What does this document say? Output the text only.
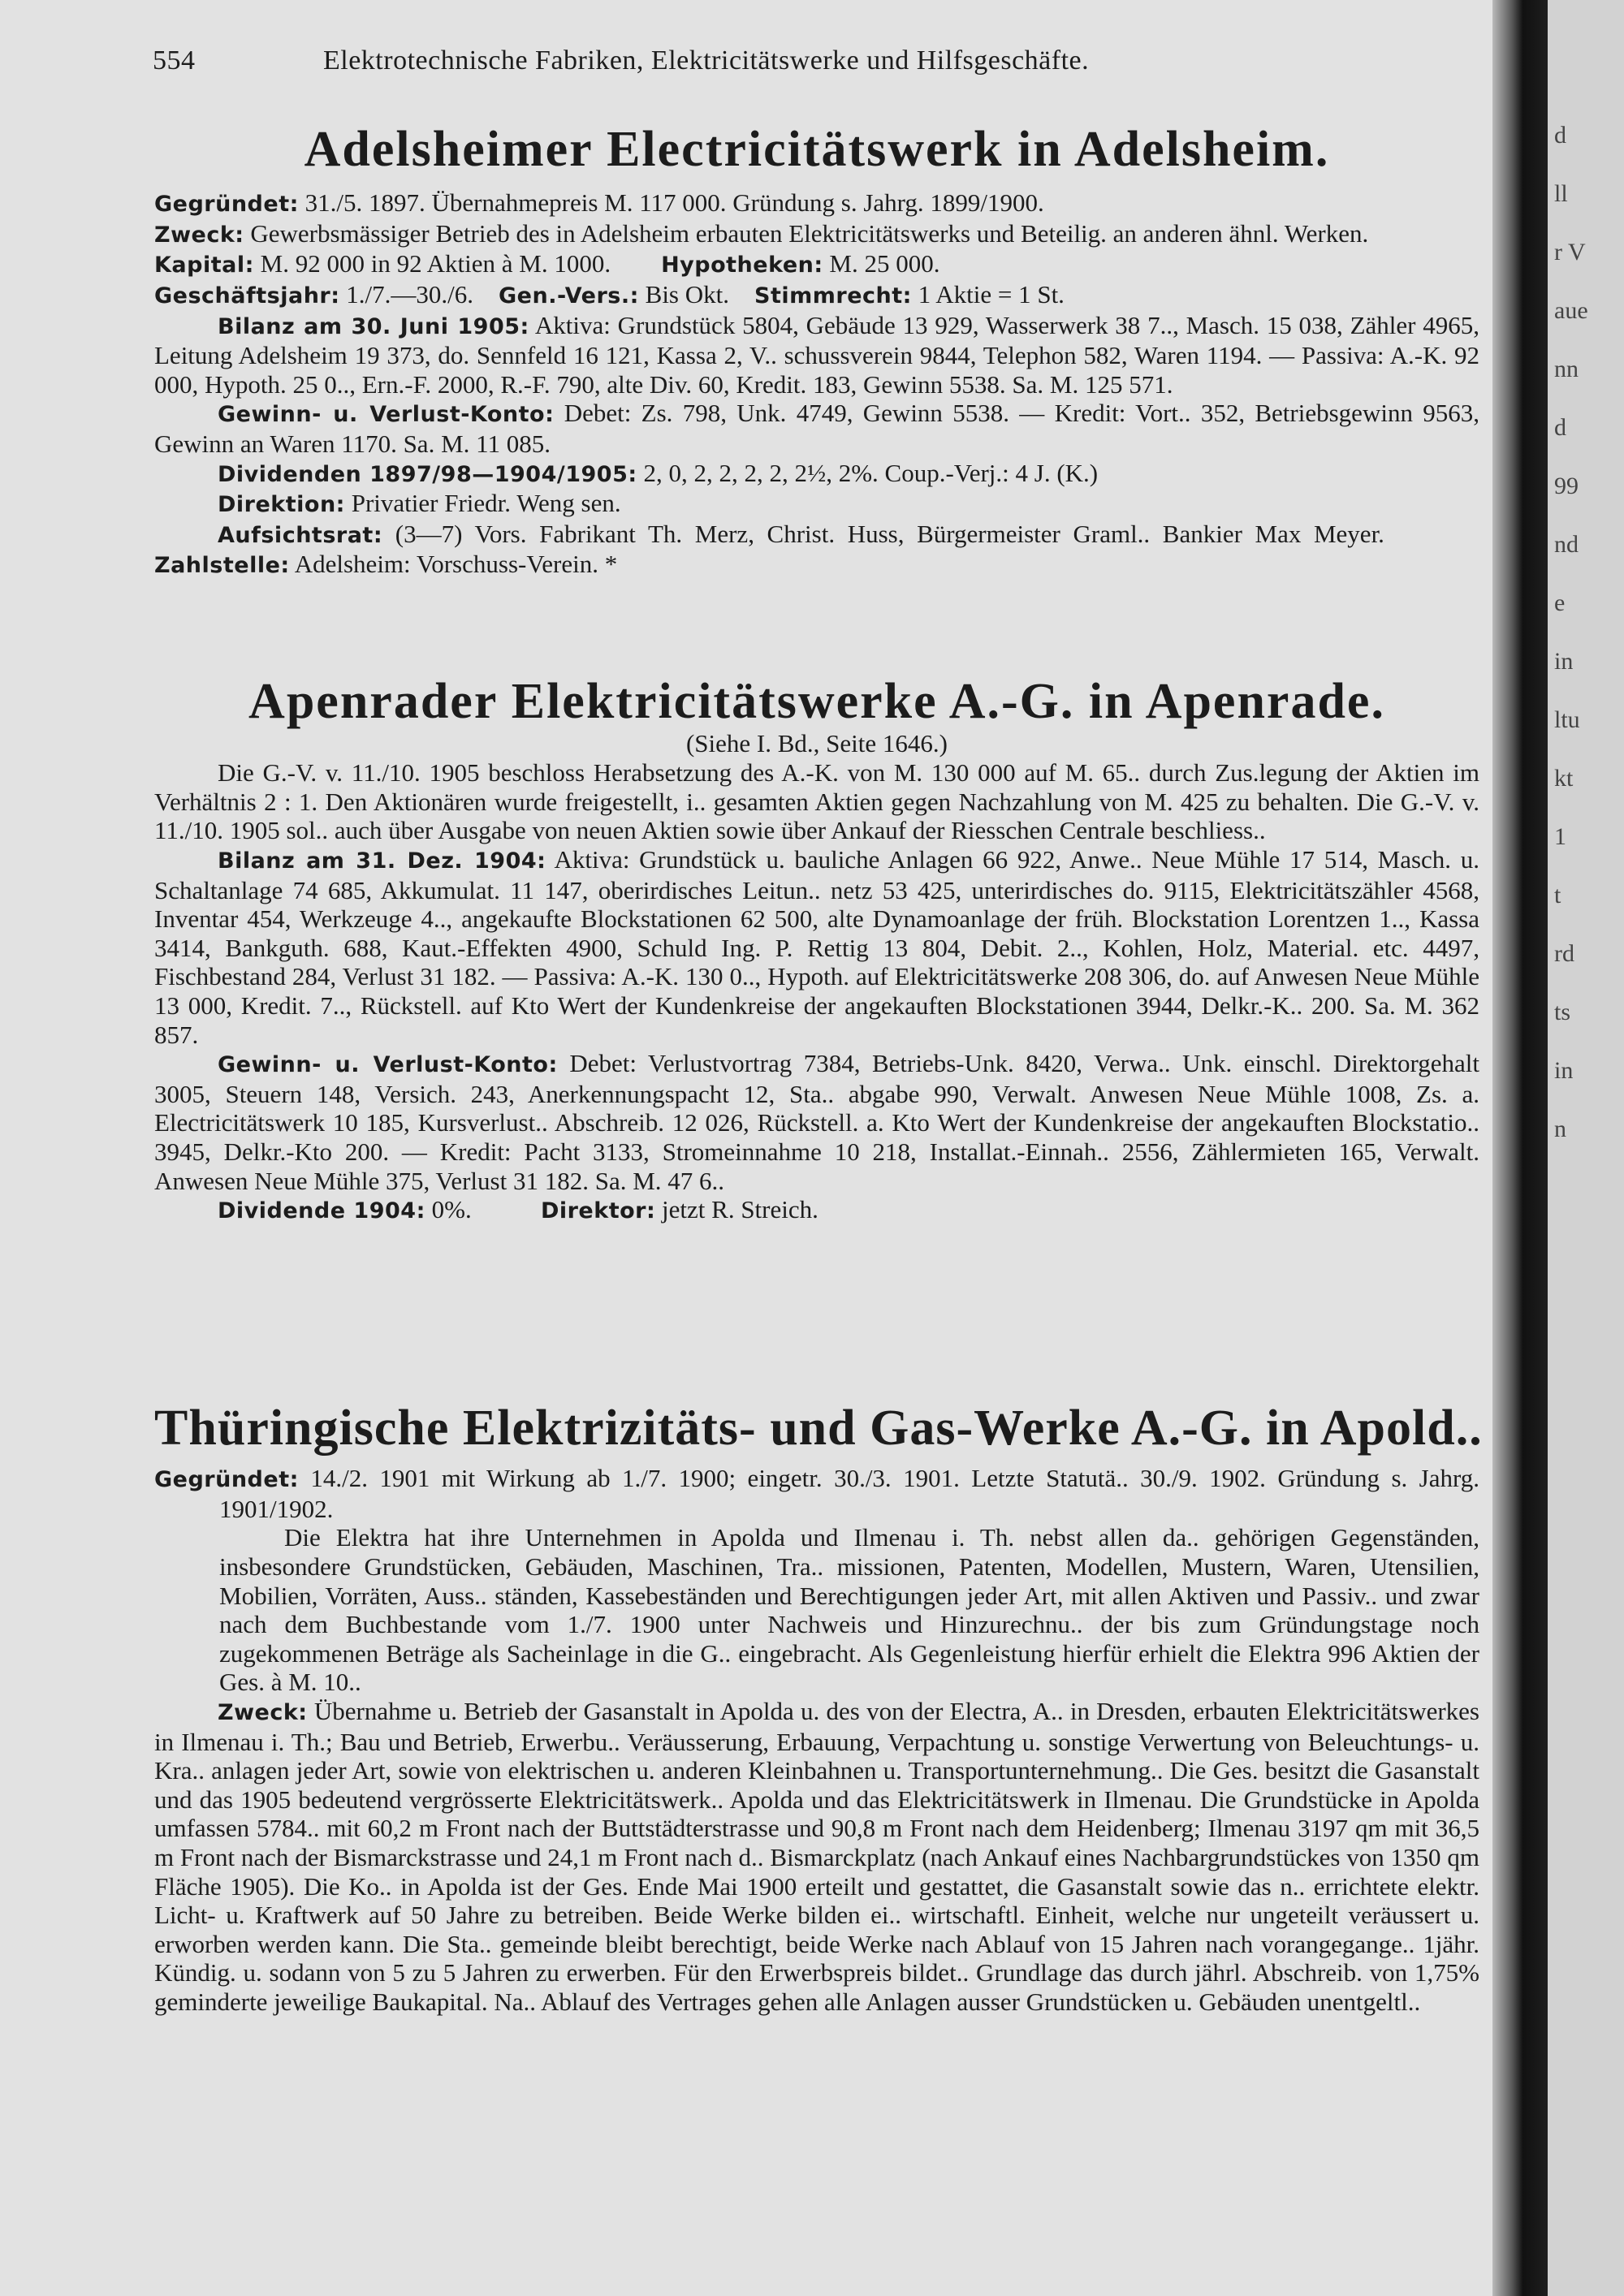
554	Elektrotechnische Fabriken, Elektricitätswerke und Hilfsgeschäfte.
Adelsheimer Electricitätswerk in Adelsheim.

Gegründet: 31./5. 1897. Übernahmepreis M. 117 000. Gründung s. Jahrg. 1899/1900.

Zweck: Gewerbsmässiger Betrieb des in Adelsheim erbauten Elektricitätswerks und Beteilig. an anderen ähnl. Werken.

Kapital: M. 92 000 in 92 Aktien à M. 1000. Hypotheken: M. 25 000.

Geschäftsjahr: 1./7.—30./6. Gen.-Vers.: Bis Okt. Stimmrecht: 1 Aktie = 1 St.

Bilanz am 30. Juni 1905: Aktiva: Grundstück 5804, Gebäude 13 929, Wasserwerk 38 7.., Masch. 15 038, Zähler 4965, Leitung Adelsheim 19 373, do. Sennfeld 16 121, Kassa 2, V.. schussverein 9844, Telephon 582, Waren 1194. — Passiva: A.-K. 92 000, Hypoth. 25 0.., Ern.-F. 2000, R.-F. 790, alte Div. 60, Kredit. 183, Gewinn 5538. Sa. M. 125 571.

Gewinn- u. Verlust-Konto: Debet: Zs. 798, Unk. 4749, Gewinn 5538. — Kredit: Vort.. 352, Betriebsgewinn 9563, Gewinn an Waren 1170. Sa. M. 11 085.

Dividenden 1897/98—1904/1905: 2, 0, 2, 2, 2, 2, 2½, 2%. Coup.-Verj.: 4 J. (K.)

Direktion: Privatier Friedr. Weng sen.

Aufsichtsrat: (3—7) Vors. Fabrikant Th. Merz, Christ. Huss, Bürgermeister Graml.. Bankier Max Meyer.         Zahlstelle: Adelsheim: Vorschuss-Verein. *

Apenrader Elektricitätswerke A.-G. in Apenrade.
(Siehe I. Bd., Seite 1646.)

Die G.-V. v. 11./10. 1905 beschloss Herabsetzung des A.-K. von M. 130 000 auf M. 65.. durch Zus.legung der Aktien im Verhältnis 2 : 1. Den Aktionären wurde freigestellt, i.. gesamten Aktien gegen Nachzahlung von M. 425 zu behalten. Die G.-V. v. 11./10. 1905 sol.. auch über Ausgabe von neuen Aktien sowie über Ankauf der Riesschen Centrale beschliess..

Bilanz am 31. Dez. 1904: Aktiva: Grundstück u. bauliche Anlagen 66 922, Anwe.. Neue Mühle 17 514, Masch. u. Schaltanlage 74 685, Akkumulat. 11 147, oberirdisches Leitun.. netz 53 425, unterirdisches do. 9115, Elektricitätszähler 4568, Inventar 454, Werkzeuge 4.., angekaufte Blockstationen 62 500, alte Dynamoanlage der früh. Blockstation Lorentzen 1.., Kassa 3414, Bankguth. 688, Kaut.-Effekten 4900, Schuld Ing. P. Rettig 13 804, Debit. 2.., Kohlen, Holz, Material. etc. 4497, Fischbestand 284, Verlust 31 182. — Passiva: A.-K. 130 0.., Hypoth. auf Elektricitätswerke 208 306, do. auf Anwesen Neue Mühle 13 000, Kredit. 7.., Rückstell. auf Kto Wert der Kundenkreise der angekauften Blockstationen 3944, Delkr.-K.. 200. Sa. M. 362 857.

Gewinn- u. Verlust-Konto: Debet: Verlustvortrag 7384, Betriebs-Unk. 8420, Verwa.. Unk. einschl. Direktorgehalt 3005, Steuern 148, Versich. 243, Anerkennungspacht 12, Sta.. abgabe 990, Verwalt. Anwesen Neue Mühle 1008, Zs. a. Electricitätswerk 10 185, Kursverlust.. Abschreib. 12 026, Rückstell. a. Kto Wert der Kundenkreise der angekauften Blockstatio.. 3945, Delkr.-Kto 200. — Kredit: Pacht 3133, Stromeinnahme 10 218, Installat.-Einnah.. 2556, Zählermieten 165, Verwalt. Anwesen Neue Mühle 375, Verlust 31 182. Sa. M. 47 6..

Dividende 1904: 0%.	Direktor: jetzt R. Streich.

Thüringische Elektrizitäts- und Gas-Werke A.-G. in Apold..

Gegründet: 14./2. 1901 mit Wirkung ab 1./7. 1900; eingetr. 30./3. 1901. Letzte Statutä.. 30./9. 1902. Gründung s. Jahrg. 1901/1902.

Die Elektra hat ihre Unternehmen in Apolda und Ilmenau i. Th. nebst allen da.. gehörigen Gegenständen, insbesondere Grundstücken, Gebäuden, Maschinen, Tra.. missionen, Patenten, Modellen, Mustern, Waren, Utensilien, Mobilien, Vorräten, Auss.. ständen, Kassebeständen und Berechtigungen jeder Art, mit allen Aktiven und Passiv.. und zwar nach dem Buchbestande vom 1./7. 1900 unter Nachweis und Hinzurechnu.. der bis zum Gründungstage noch zugekommenen Beträge als Sacheinlage in die G.. eingebracht. Als Gegenleistung hierfür erhielt die Elektra 996 Aktien der Ges. à M. 10..

Zweck: Übernahme u. Betrieb der Gasanstalt in Apolda u. des von der Electra, A.. in Dresden, erbauten Elektricitätswerkes in Ilmenau i. Th.; Bau und Betrieb, Erwerbu.. Veräusserung, Erbauung, Verpachtung u. sonstige Verwertung von Beleuchtungs- u. Kra.. anlagen jeder Art, sowie von elektrischen u. anderen Kleinbahnen u. Transportunternehmung.. Die Ges. besitzt die Gasanstalt und das 1905 bedeutend vergrösserte Elektricitätswerk.. Apolda und das Elektricitätswerk in Ilmenau. Die Grundstücke in Apolda umfassen 5784.. mit 60,2 m Front nach der Buttstädterstrasse und 90,8 m Front nach dem Heidenberg; Ilmenau 3197 qm mit 36,5 m Front nach der Bismarckstrasse und 24,1 m Front nach d.. Bismarckplatz (nach Ankauf eines Nachbargrundstückes von 1350 qm Fläche 1905). Die Ko.. in Apolda ist der Ges. Ende Mai 1900 erteilt und gestattet, die Gasanstalt sowie das n.. errichtete elektr. Licht- u. Kraftwerk auf 50 Jahre zu betreiben. Beide Werke bilden ei.. wirtschaftl. Einheit, welche nur ungeteilt veräussert u. erworben werden kann. Die Sta.. gemeinde bleibt berechtigt, beide Werke nach Ablauf von 15 Jahren nach vorangegange.. 1jähr. Kündig. u. sodann von 5 zu 5 Jahren zu erwerben. Für den Erwerbspreis bildet.. Grundlage das durch jährl. Abschreib. von 1,75% geminderte jeweilige Baukapital. Na.. Ablauf des Vertrages gehen alle Anlagen ausser Grundstücken u. Gebäuden unentgeltl..

d
ll
r V
aue
nn
d
99
nd
e
in
ltu
kt
1
t
rd
ts
in
n
